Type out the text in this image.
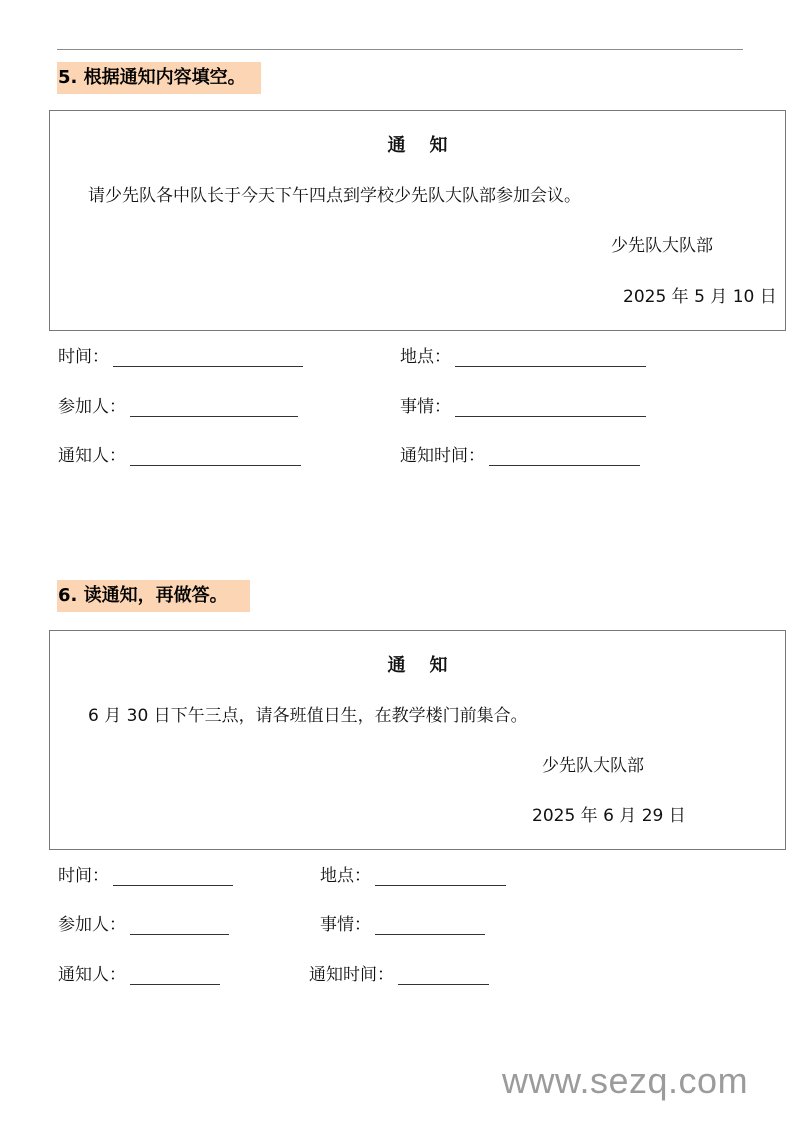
5. 根据通知内容填空。
通知
请少先队各中队长于今天下午四点到学校少先队大队部参加会议。
少先队大队部
2025 年 5 月 10 日
时间：	地点：
参加人：	事情：
通知人：	通知时间：
6. 读通知，再做答。
通知
6 月 30 日下午三点，请各班值日生，在教学楼门前集合。
少先队大队部
2025 年 6 月 29 日
时间：	地点：
参加人：	事情：
通知人：	通知时间：
www.sezq.com
